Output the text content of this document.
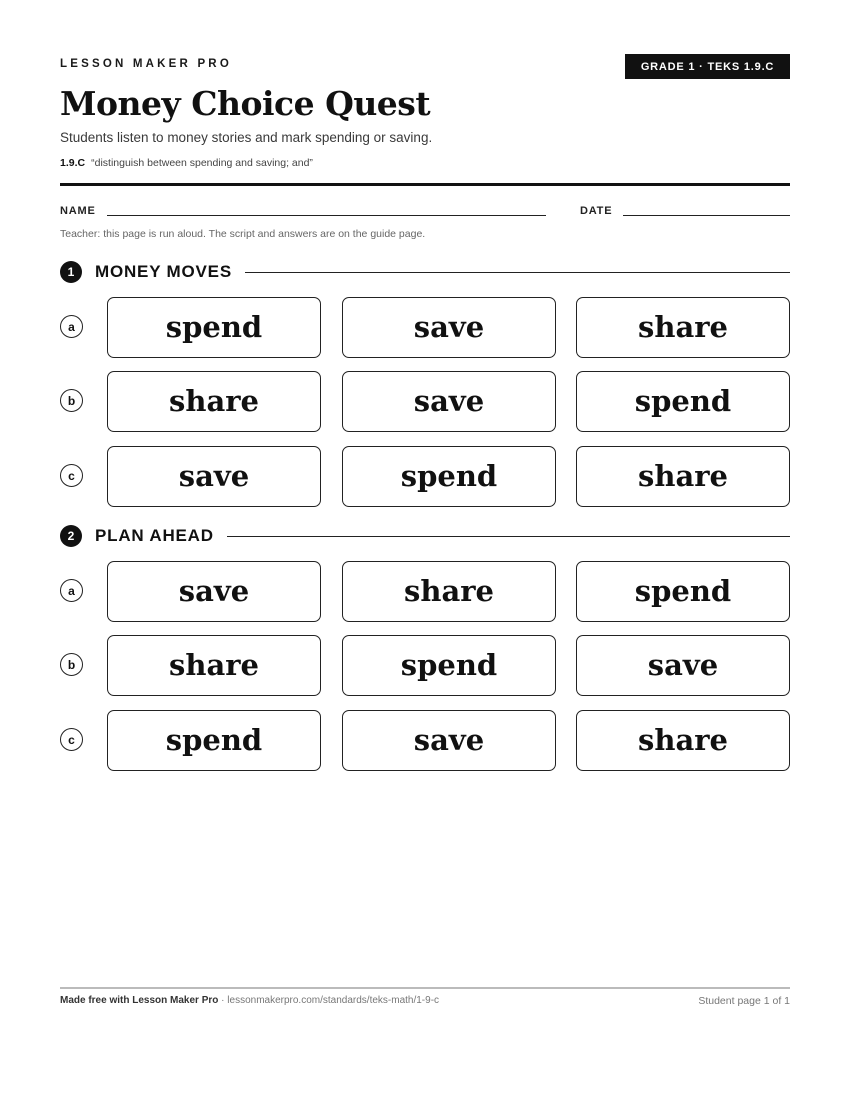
LESSON MAKER PRO	GRADE 1 · TEKS 1.9.C
Money Choice Quest
Students listen to money stories and mark spending or saving.
1.9.C “distinguish between spending and saving; and”
NAME	DATE
Teacher: this page is run aloud. The script and answers are on the guide page.
1	MONEY MOVES
a	spend	save	share
b	share	save	spend
c	save	spend	share
2	PLAN AHEAD
a	save	share	spend
b	share	spend	save
c	spend	save	share
Made free with Lesson Maker Pro · lessonmakerpro.com/standards/teks-math/1-9-c	Student page 1 of 1
